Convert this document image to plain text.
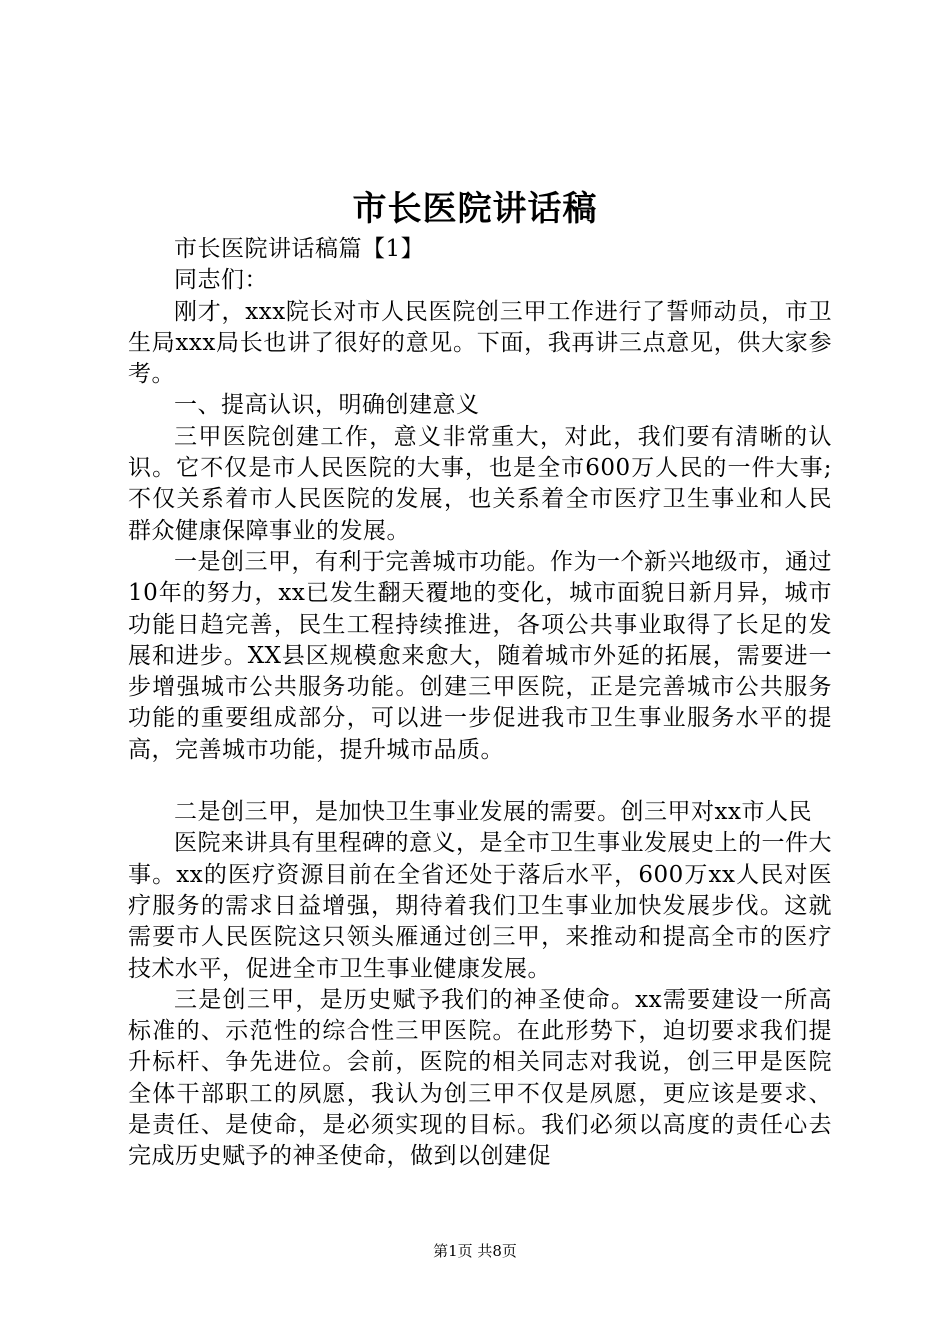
市长医院讲话稿

市长医院讲话稿篇【1】

同志们：

刚才，xxx院长对市人民医院创三甲工作进行了誓师动员，市卫生局xxx局长也讲了很好的意见。下面，我再讲三点意见，供大家参考。

一、提高认识，明确创建意义

三甲医院创建工作，意义非常重大，对此，我们要有清晰的认识。它不仅是市人民医院的大事，也是全市600万人民的一件大事;不仅关系着市人民医院的发展，也关系着全市医疗卫生事业和人民群众健康保障事业的发展。

一是创三甲，有利于完善城市功能。作为一个新兴地级市，通过10年的努力，xx已发生翻天覆地的变化，城市面貌日新月异，城市功能日趋完善，民生工程持续推进，各项公共事业取得了长足的发展和进步。XX县区规模愈来愈大，随着城市外延的拓展，需要进一步增强城市公共服务功能。创建三甲医院，正是完善城市公共服务功能的重要组成部分，可以进一步促进我市卫生事业服务水平的提高，完善城市功能，提升城市品质。

二是创三甲，是加快卫生事业发展的需要。创三甲对xx市人民

医院来讲具有里程碑的意义，是全市卫生事业发展史上的一件大事。xx的医疗资源目前在全省还处于落后水平，600万xx人民对医疗服务的需求日益增强，期待着我们卫生事业加快发展步伐。这就需要市人民医院这只领头雁通过创三甲，来推动和提高全市的医疗技术水平，促进全市卫生事业健康发展。

三是创三甲，是历史赋予我们的神圣使命。xx需要建设一所高标准的、示范性的综合性三甲医院。在此形势下，迫切要求我们提升标杆、争先进位。会前，医院的相关同志对我说，创三甲是医院全体干部职工的夙愿，我认为创三甲不仅是夙愿，更应该是要求、是责任、是使命，是必须实现的目标。我们必须以高度的责任心去完成历史赋予的神圣使命，做到以创建促

第1页 共8页
